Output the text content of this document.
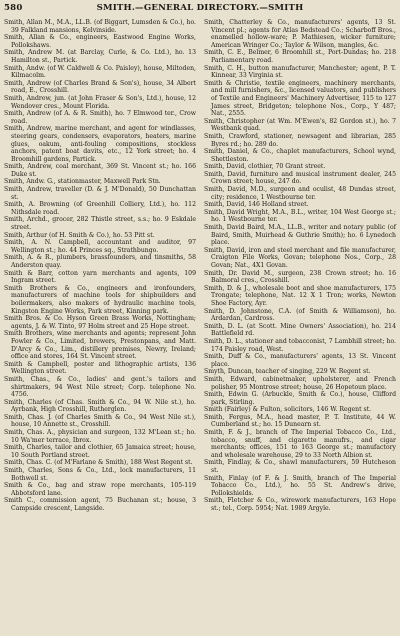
580	SMITH.—GENERAL DIRECTORY.—SMITH

Smith, Allan M., M.A., LL.B. (of Biggart, Lumsden & Co.), ho. 39 Falkland mansions, Kelvinside.

Smith, Allan & Co., engineers, Eastwood Engine Works, Pollokshaws.

Smith, Andrew M. (at Barclay, Curle, & Co. Ltd.), ho. 13 Hamilton st., Partick.

Smith, Andw. (of W. Caldwell & Co. Paisley), house, Miltoden, Kilmacolm.

Smith, Andrew (of Charles Brand & Son's), house, 34 Albert road, E., Crosshill.

Smith, Andrew, jun. (at John Fraser & Son's, Ltd.), house, 12 Wendover cres., Mount Florida.

Smith, Andrew (of A. & R. Smith), ho. 7 Elmwood ter., Crow road.

Smith, Andrew, marine merchant, and agent for windlasses, steering gears, condensers, evaporators, heaters, marine glues, oakum, anti-fouling compositions, stockless anchors, patent boat davits, etc., 12 York street; ho. 4 Broomhill gardens, Partick.

Smith, Andrew, coal merchant, 369 St. Vincent st.; ho. 166 Duke st.

Smith, Andw. G., stationmaster, Maxwell Park Stn.

Smith, Andrew, traveller (D. & J. M'Donald), 50 Dunchattan st.

Smith, A. Browning (of Greenhill Colliery, Ltd.), ho. 112 Nithsdale road.

Smith, Archd., grocer, 282 Thistle street, s.s.; ho. 9 Eskdale street.

Smith, Arthur (of H. Smith & Co.), ho. 53 Pitt st.

Smith, A. N. Campbell, accountant and auditor, 97 Wellington st.; ho. 44 Princes sq., Strathbungo.

Smith, A. & R., plumbers, brassfounders, and tinsmiths, 58 Anderston quay.

Smith & Barr, cotton yarn merchants and agents, 109 Ingram street.

Smith Brothers & Co., engineers and ironfounders, manufacturers of machine tools for shipbuilders and boilermakers, also makers of hydraulic machine tools, Kingston Engine Works, Park street, Kinning park.

Smith Bros. & Co. Hyson Green Brass Works, Nottingham; agents, J. & W. Tinto, 97 Holm street and 25 Hope street.

Smith Brothers, wine merchants and agents; represent John Fowler & Co., Limited, brewers, Prestonpans, and Matt. D'Arcy & Co., Lim., distillery premises, Newry, Ireland; office and stores, 164 St. Vincent street.

Smith & Campbell, poster and lithographic artists, 136 Wellington street.

Smith, Chas., & Co., ladies' and gent.'s tailors and shirtmakers, 94 West Nile street; Corp. telephone No. 4756.

Smith, Charles (of Chas. Smith & Co., 94 W. Nile st.), ho. Ayrbank, High Crosshill, Rutherglen.

Smith, Chas. J. (of Charles Smith & Co., 94 West Nile st.), house, 10 Annette st., Crosshill.

Smith, Chas. A., physician and surgeon, 132 M'Lean st.; ho. 10 Wa'mer terrace, Ibrox.

Smith, Charles, tailor and clothier, 65 Jamaica street; house, 10 South Portland street.

Smith, Chas. C. (of M'Farlane & Smith), 188 West Regent st.

Smith, Charles, Sons & Co., Ltd., lock manufacturers, 11 Bothwell st.

Smith & Co., bag and straw rope merchants, 105-119 Abbotsford lane.

Smith C., commission agent, 75 Buchanan st.; house, 3 Campside crescent, Langside.

Smith, Chatterley & Co., manufacturers' agents, 13 St. Vincent pl.; agents for Atlas Bedstead Co.; Scharboff Bros., enamelled hollow-ware; P. Mathiesen, wicker furniture; American Wringer Co.; Taylor & Wilson, mangles, &c.

Smith, C. E., Belmer, 6 Broomhill st., Port-Dundas; ho. 218 Parliamentary road.

Smith, C. H., button manufacturer, Manchester; agent, P. T. Kinnear, 33 Virginia st.

Smith & Christie, textile engineers, machinery merchants, and mill furnishers, &c., licensed valuators, and publishers of Textile and Engineers' Machinery Advertiser, 115 to 127 James street, Bridgeton; telephone Nos., Corp., Y 487; Nat., 2555.

Smith, Christopher (at Wm. M'Ewen's, 82 Gordon st.), ho. 7 Westbank quad.

Smith, Crawford, stationer, newsagent and librarian, 285 Byres rd.; ho. 289 do.

Smith, Daniel, & Co., chaplet manufacturers, School wynd, Shettleston.

Smith, David, clothier, 70 Grant street.

Smith, David, furniture and musical instrument dealer, 245 Crown street; house, 247 do.

Smith, David, M.D., surgeon and oculist, 48 Dundas street, city; residence, 1 Westbourne ter.

Smith, David, 146 Holland street.

Smith, David Wright, M.A., B.L., writer, 104 West George st.; ho. 1 Westbourne ter.

Smith, David Baird, M.A., LL.B., writer and notary public (of Baird, Smith, Muirhead & Guthrie Smith); ho. 6 Lynedoch place.

Smith, David, iron and steel merchant and file manufacturer, Craigton File Works, Govan; telephone Nos., Corp., 28 Govan; Nat., 4X1 Govan.

Smith, Dr. David M., surgeon, 238 Crown street; ho. 16 Balmoral cres., Crosshill.

Smith, D. & J., wholesale boot and shoe manufacturers, 175 Trongate; telephone, Nat. 12 X 1 Tron; works, Newton Shoe Factory, Ayr.

Smith, D. Johnstone, C.A. (of Smith & Williamson), ho. Ardardan, Cardross.

Smith, D. L. (at Scott. Mine Owners' Association), ho. 214 Battlefield rd.

Smith, D. L., stationer and tobacconist, 7 Lambhill street; ho. 174 Paisley road, West.

Smith, Duff & Co., manufacturers' agents, 13 St. Vincent place.

Smyth, Duncan, teacher of singing, 229 W. Regent st.

Smith, Edward, cabinetmaker, upholsterer, and French polisher, 95 Montrose street; house, 26 Hopetoun place.

Smith, Edwin G. (Arbuckle, Smith & Co.), house, Clifford park, Stirling.

Smith (Fairley) & Fulton, solicitors, 146 W. Regent st.

Smith, Fergus, M.A., head master, P. T. Institute, 44 W. Cumberland st.; ho. 15 Dunearn st.

Smith, F. & J., branch of The Imperial Tobacco Co., Ltd., tobacco, snuff, and cigarette manufrs., and cigar merchants; offices, 151 to 163 George st.; manufactory and wholesale warehouse, 29 to 33 North Albion st.

Smith, Findlay, & Co., shawl manufacturers, 59 Hutcheson st.

Smith, Finlay (of F. & J. Smith, branch of The Imperial Tobacco Co., Ltd.), ho. 55 St. Andrew's drive, Pollokshields.

Smith, Fletcher & Co., wirework manufacturers, 163 Hope st.; tel., Corp. 5954; Nat. 1989 Argyle.
